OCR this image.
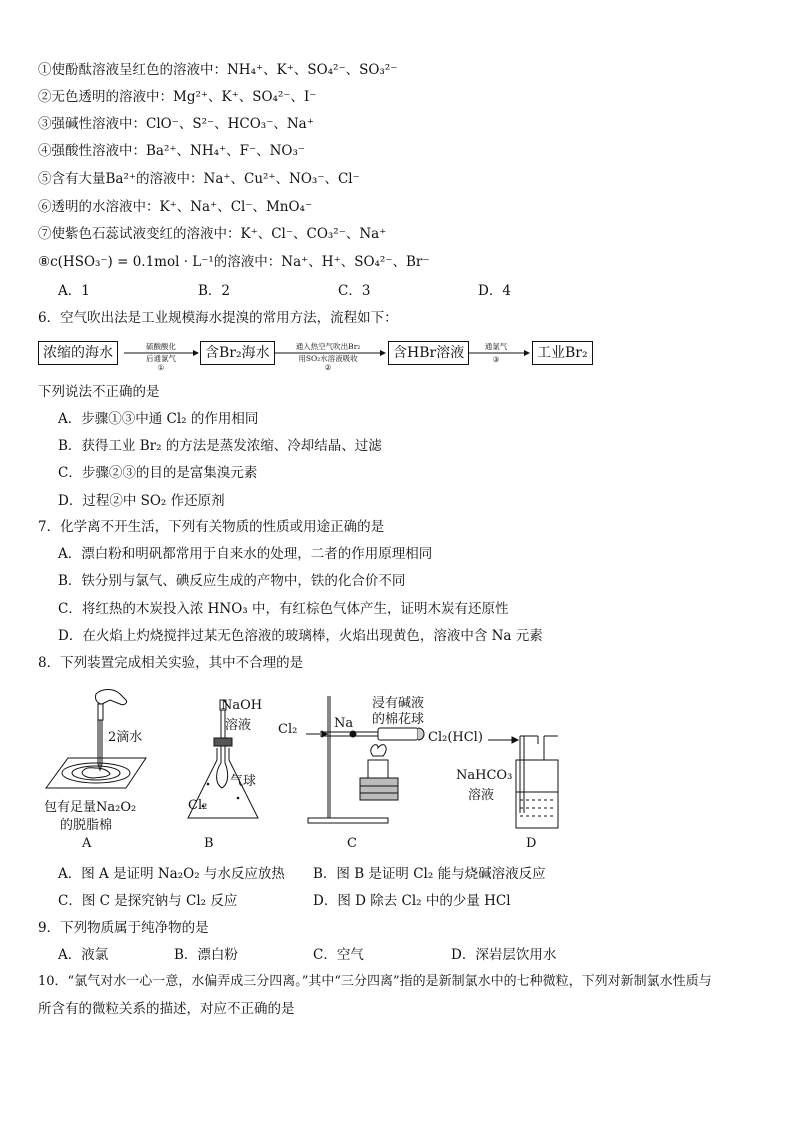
①使酚酞溶液呈红色的溶液中：NH₄⁺、K⁺、SO₄²⁻、SO₃²⁻
②无色透明的溶液中：Mg²⁺、K⁺、SO₄²⁻、I⁻
③强碱性溶液中：ClO⁻、S²⁻、HCO₃⁻、Na⁺
④强酸性溶液中：Ba²⁺、NH₄⁺、F⁻、NO₃⁻
⑤含有大量Ba²⁺的溶液中：Na⁺、Cu²⁺、NO₃⁻、Cl⁻
⑥透明的水溶液中：K⁺、Na⁺、Cl⁻、MnO₄⁻
⑦使紫色石蕊试液变红的溶液中：K⁺、Cl⁻、CO₃²⁻、Na⁺
⑧c(HSO₃⁻) = 0.1mol · L⁻¹的溶液中：Na⁺、H⁺、SO₄²⁻、Br⁻
A．1	B．2	C．3	D．4
6．空气吹出法是工业规模海水提溴的常用方法，流程如下：
浓缩的海水	硫酸酸化
后通氯气
①
含Br₂海水	通入热空气吹出Br₂
用SO₂水溶液吸收
②
含HBr溶液	通氯气
③	工业Br₂
下列说法不正确的是
A．步骤①③中通 Cl₂ 的作用相同
B．获得工业 Br₂ 的方法是蒸发浓缩、冷却结晶、过滤
C．步骤②③的目的是富集溴元素
D．过程②中 SO₂ 作还原剂
7．化学离不开生活，下列有关物质的性质或用途正确的是
A．漂白粉和明矾都常用于自来水的处理，二者的作用原理相同
B．铁分别与氯气、碘反应生成的产物中，铁的化合价不同
C．将红热的木炭投入浓 HNO₃ 中，有红棕色气体产生，证明木炭有还原性
D．在火焰上灼烧搅拌过某无色溶液的玻璃棒，火焰出现黄色，溶液中含 Na 元素
8．下列装置完成相关实验，其中不合理的是
2滴水
包有足量Na₂O₂
的脱脂棉
A
NaOH
溶液
气球
Cl₂
B
浸有碱液
的棉花球
Cl₂	Na
C
Cl₂(HCl)
NaHCO₃
溶液
D
A．图 A 是证明 Na₂O₂ 与水反应放热	B．图 B 是证明 Cl₂ 能与烧碱溶液反应
C．图 C 是探究钠与 Cl₂ 反应	D．图 D 除去 Cl₂ 中的少量 HCl
9．下列物质属于纯净物的是
A．液氯	B．漂白粉	C．空气	D．深岩层饮用水
10．“氯气对水一心一意，水偏弄成三分四离。”其中“三分四离”指的是新制氯水中的七种微粒，下列对新制氯水性质与
所含有的微粒关系的描述，对应不正确的是
